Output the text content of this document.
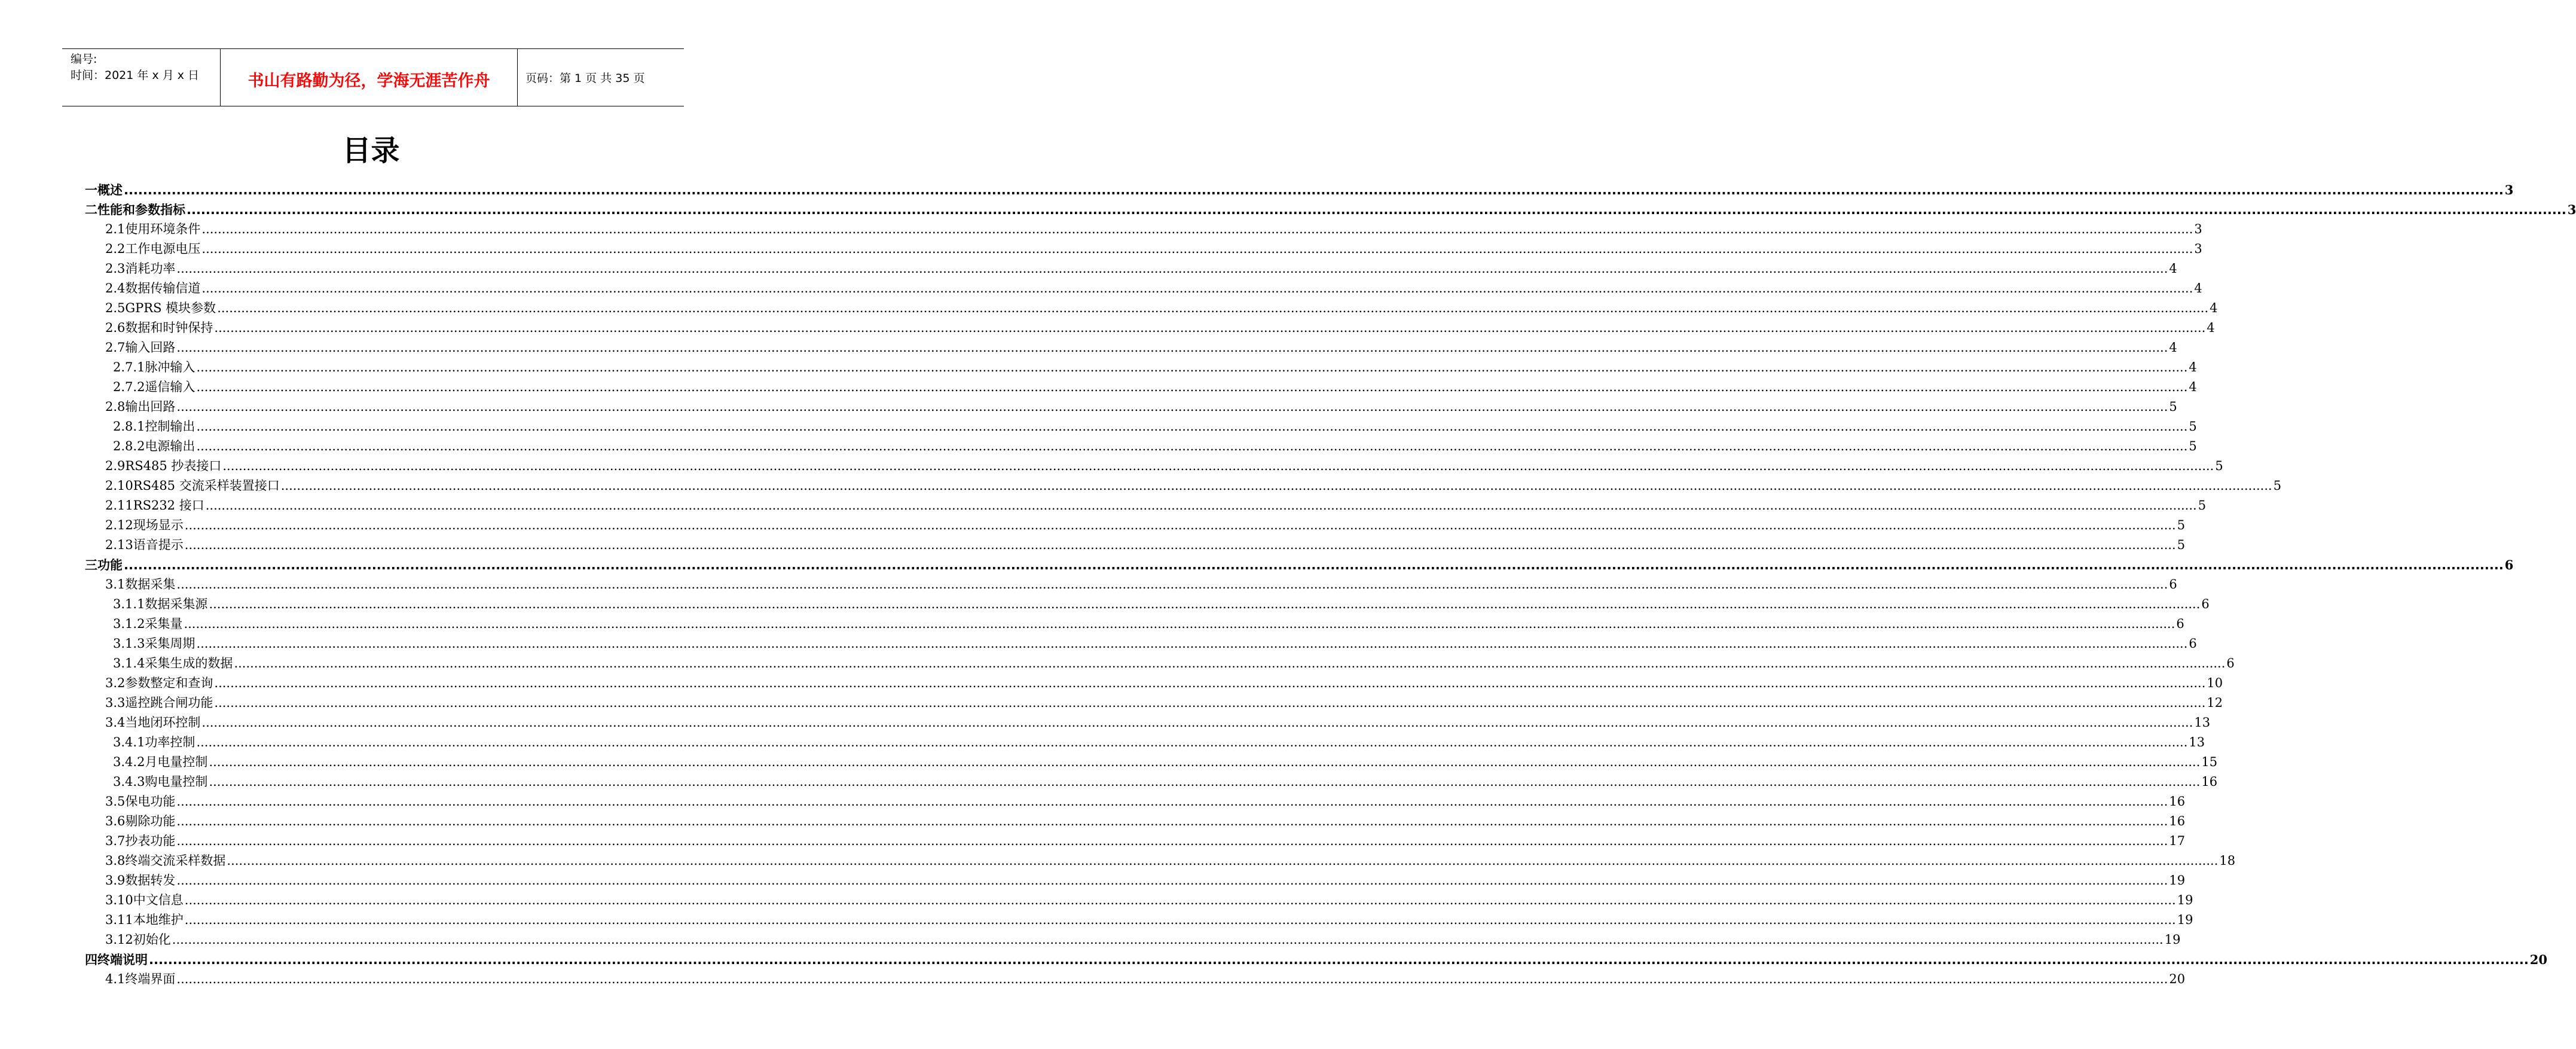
编号:
时间：2021 年 x 月 x 日	书山有路勤为径，学海无涯苦作舟	页码：第 1 页 共 35 页
目录
一 概述 .....	3
二 性能和参数指标 .....	3
2.1 使用环境条件 .....	3
2.2 工作电源电压 .....	3
2.3 消耗功率 .....	4
2.4 数据传输信道 .....	4
2.5 GPRS 模块参数 .....	4
2.6 数据和时钟保持 .....	4
2.7 输入回路 .....	4
2.7.1 脉冲输入 .....	4
2.7.2 遥信输入 .....	4
2.8 输出回路 .....	5
2.8.1 控制输出 .....	5
2.8.2 电源输出 .....	5
2.9 RS485 抄表接口 .....	5
2.10 RS485 交流采样装置接口 .....	5
2.11 RS232 接口 .....	5
2.12 现场显示 .....	5
2.13 语音提示 .....	5
三 功能 .....	6
3.1 数据采集 .....	6
3.1.1 数据采集源 .....	6
3.1.2 采集量 .....	6
3.1.3 采集周期 .....	6
3.1.4 采集生成的数据 .....	6
3.2 参数整定和查询 .....	10
3.3 遥控跳合闸功能 .....	12
3.4 当地闭环控制 .....	13
3.4.1 功率控制 .....	13
3.4.2 月电量控制 .....	15
3.4.3 购电量控制 .....	16
3.5 保电功能 .....	16
3.6 剔除功能 .....	16
3.7 抄表功能 .....	17
3.8 终端交流采样数据 .....	18
3.9 数据转发 .....	19
3.10 中文信息 .....	19
3.11 本地维护 .....	19
3.12 初始化 .....	19
四 终端说明 .....	20
4.1 终端界面 .....	20
